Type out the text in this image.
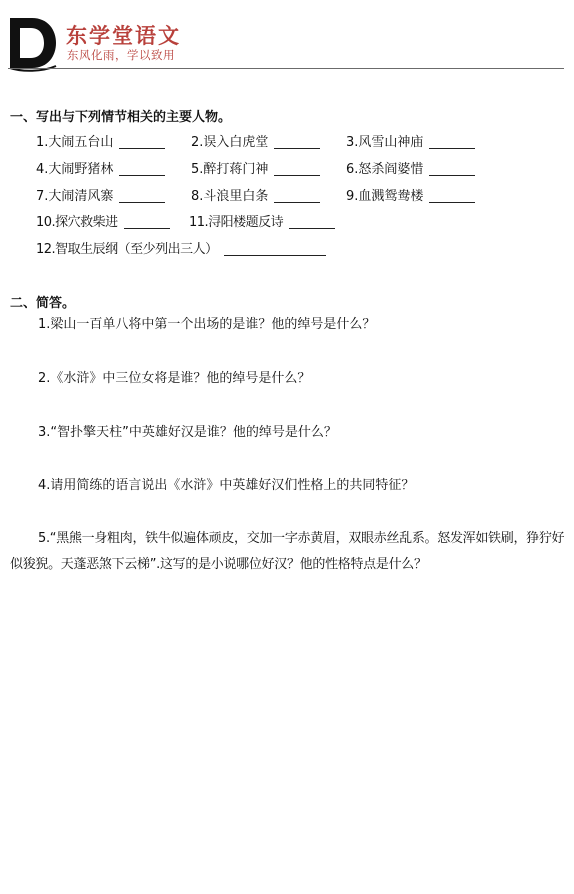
东学堂语文
东风化雨，学以致用
一、写出与下列情节相关的主要人物。
1.大闹五台山	2.误入白虎堂	3.风雪山神庙
4.大闹野猪林	5.醉打蒋门神	6.怒杀阎婆惜
7.大闹清风寨	8.斗浪里白条	9.血溅鸳鸯楼
10.探穴救柴进	11.浔阳楼题反诗
12.智取生辰纲（至少列出三人）
二、简答。
1.梁山一百单八将中第一个出场的是谁？他的绰号是什么？
2.《水浒》中三位女将是谁？他的绰号是什么？
3.“智扑擎天柱”中英雄好汉是谁？他的绰号是什么？
4.请用简练的语言说出《水浒》中英雄好汉们性格上的共同特征？
5.“黑熊一身粗肉，铁牛似遍体顽皮，交加一字赤黄眉，双眼赤丝乱系。怒发浑如铁刷，狰狞好似狻猊。天蓬恶煞下云梯”.这写的是小说哪位好汉？他的性格特点是什么？
